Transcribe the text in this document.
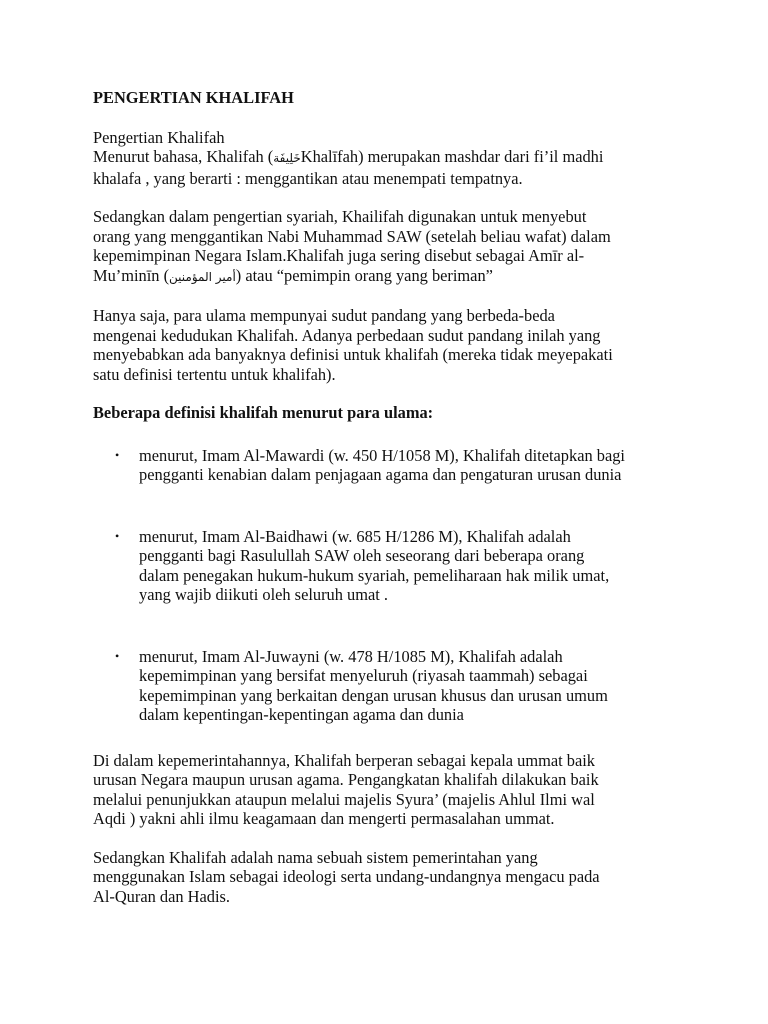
PENGERTIAN KHALIFAH

Pengertian Khalifah
Menurut bahasa, Khalifah (خَلِيفَةKhalīfah) merupakan mashdar dari fi’il madhi
khalafa , yang berarti : menggantikan atau menempati tempatnya.

Sedangkan dalam pengertian syariah, Khailifah digunakan untuk menyebut
orang yang menggantikan Nabi Muhammad SAW (setelah beliau wafat) dalam
kepemimpinan Negara Islam.Khalifah juga sering disebut sebagai Amīr al-
Mu’minīn (أمير المؤمنين) atau “pemimpin orang yang beriman”

Hanya saja, para ulama mempunyai sudut pandang yang berbeda-beda
mengenai kedudukan Khalifah. Adanya perbedaan sudut pandang inilah yang
menyebabkan ada banyaknya definisi untuk khalifah (mereka tidak meyepakati
satu definisi tertentu untuk khalifah).

Beberapa definisi khalifah menurut para ulama:
• menurut, Imam Al-Mawardi (w. 450 H/1058 M), Khalifah ditetapkan bagi
pengganti kenabian dalam penjagaan agama dan pengaturan urusan dunia
• menurut, Imam Al-Baidhawi (w. 685 H/1286 M), Khalifah adalah
pengganti bagi Rasulullah SAW oleh seseorang dari beberapa orang
dalam penegakan hukum-hukum syariah, pemeliharaan hak milik umat,
yang wajib diikuti oleh seluruh umat .
• menurut, Imam Al-Juwayni (w. 478 H/1085 M), Khalifah adalah
kepemimpinan yang bersifat menyeluruh (riyasah taammah) sebagai
kepemimpinan yang berkaitan dengan urusan khusus dan urusan umum
dalam kepentingan-kepentingan agama dan dunia

Di dalam kepemerintahannya, Khalifah berperan sebagai kepala ummat baik
urusan Negara maupun urusan agama. Pengangkatan khalifah dilakukan baik
melalui penunjukkan ataupun melalui majelis Syura’ (majelis Ahlul Ilmi wal
Aqdi ) yakni ahli ilmu keagamaan dan mengerti permasalahan ummat.

Sedangkan Khalifah adalah nama sebuah sistem pemerintahan yang
menggunakan Islam sebagai ideologi serta undang-undangnya mengacu pada
Al-Quran dan Hadis.
